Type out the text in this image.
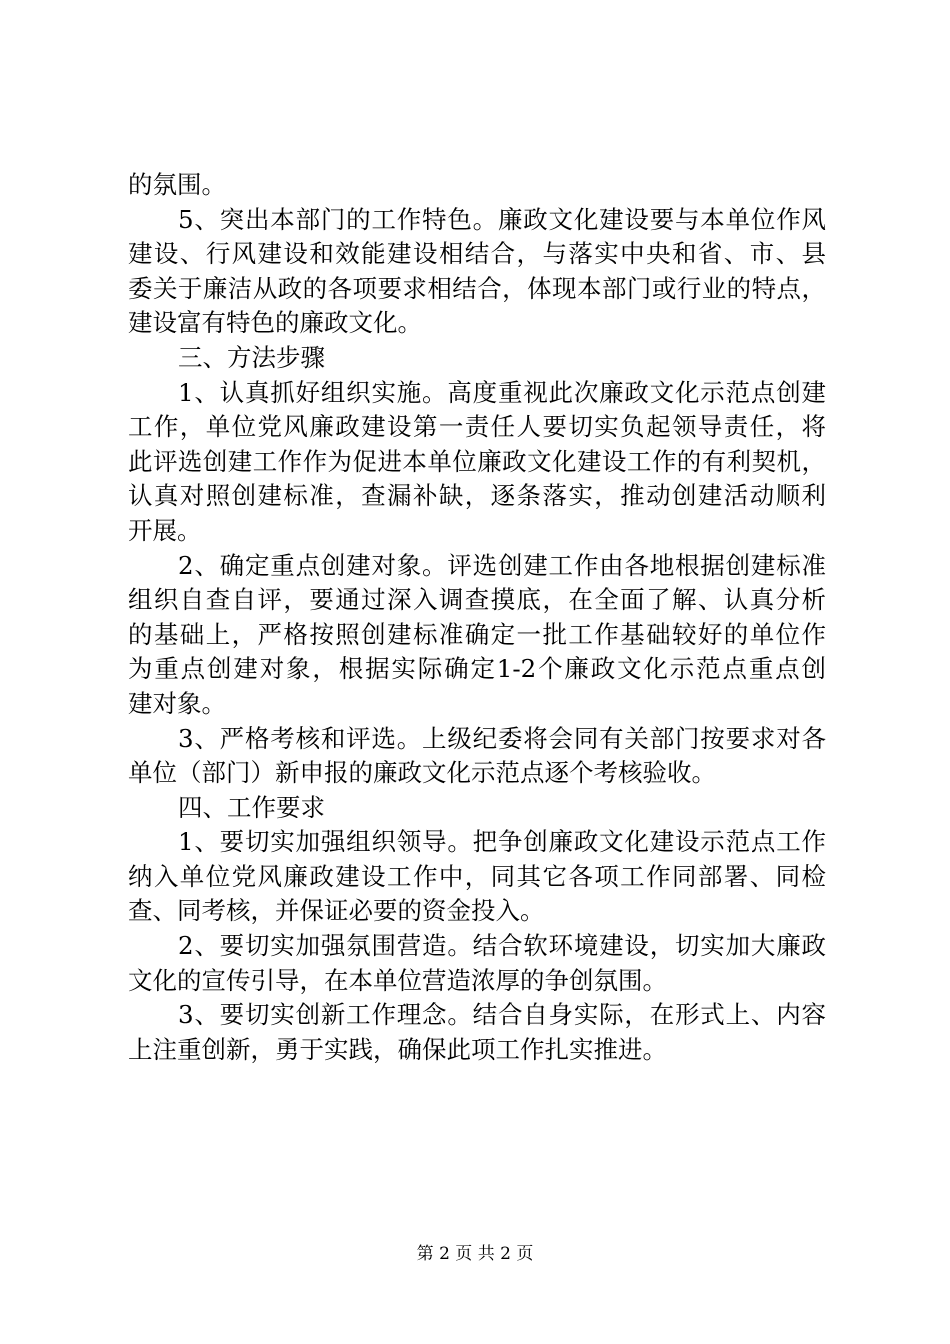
的氛围。
5、突出本部门的工作特色。廉政文化建设要与本单位作风
建设、行风建设和效能建设相结合，与落实中央和省、市、县
委关于廉洁从政的各项要求相结合，体现本部门或行业的特点，
建设富有特色的廉政文化。
三、方法步骤
1、认真抓好组织实施。高度重视此次廉政文化示范点创建
工作，单位党风廉政建设第一责任人要切实负起领导责任，将
此评选创建工作作为促进本单位廉政文化建设工作的有利契机，
认真对照创建标准，查漏补缺，逐条落实，推动创建活动顺利
开展。
2、确定重点创建对象。评选创建工作由各地根据创建标准
组织自查自评，要通过深入调查摸底，在全面了解、认真分析
的基础上，严格按照创建标准确定一批工作基础较好的单位作
为重点创建对象，根据实际确定1-2个廉政文化示范点重点创
建对象。
3、严格考核和评选。上级纪委将会同有关部门按要求对各
单位（部门）新申报的廉政文化示范点逐个考核验收。
四、工作要求
1、要切实加强组织领导。把争创廉政文化建设示范点工作
纳入单位党风廉政建设工作中，同其它各项工作同部署、同检
查、同考核，并保证必要的资金投入。
2、要切实加强氛围营造。结合软环境建设，切实加大廉政
文化的宣传引导，在本单位营造浓厚的争创氛围。
3、要切实创新工作理念。结合自身实际，在形式上、内容
上注重创新，勇于实践，确保此项工作扎实推进。
第 2 页 共 2 页
